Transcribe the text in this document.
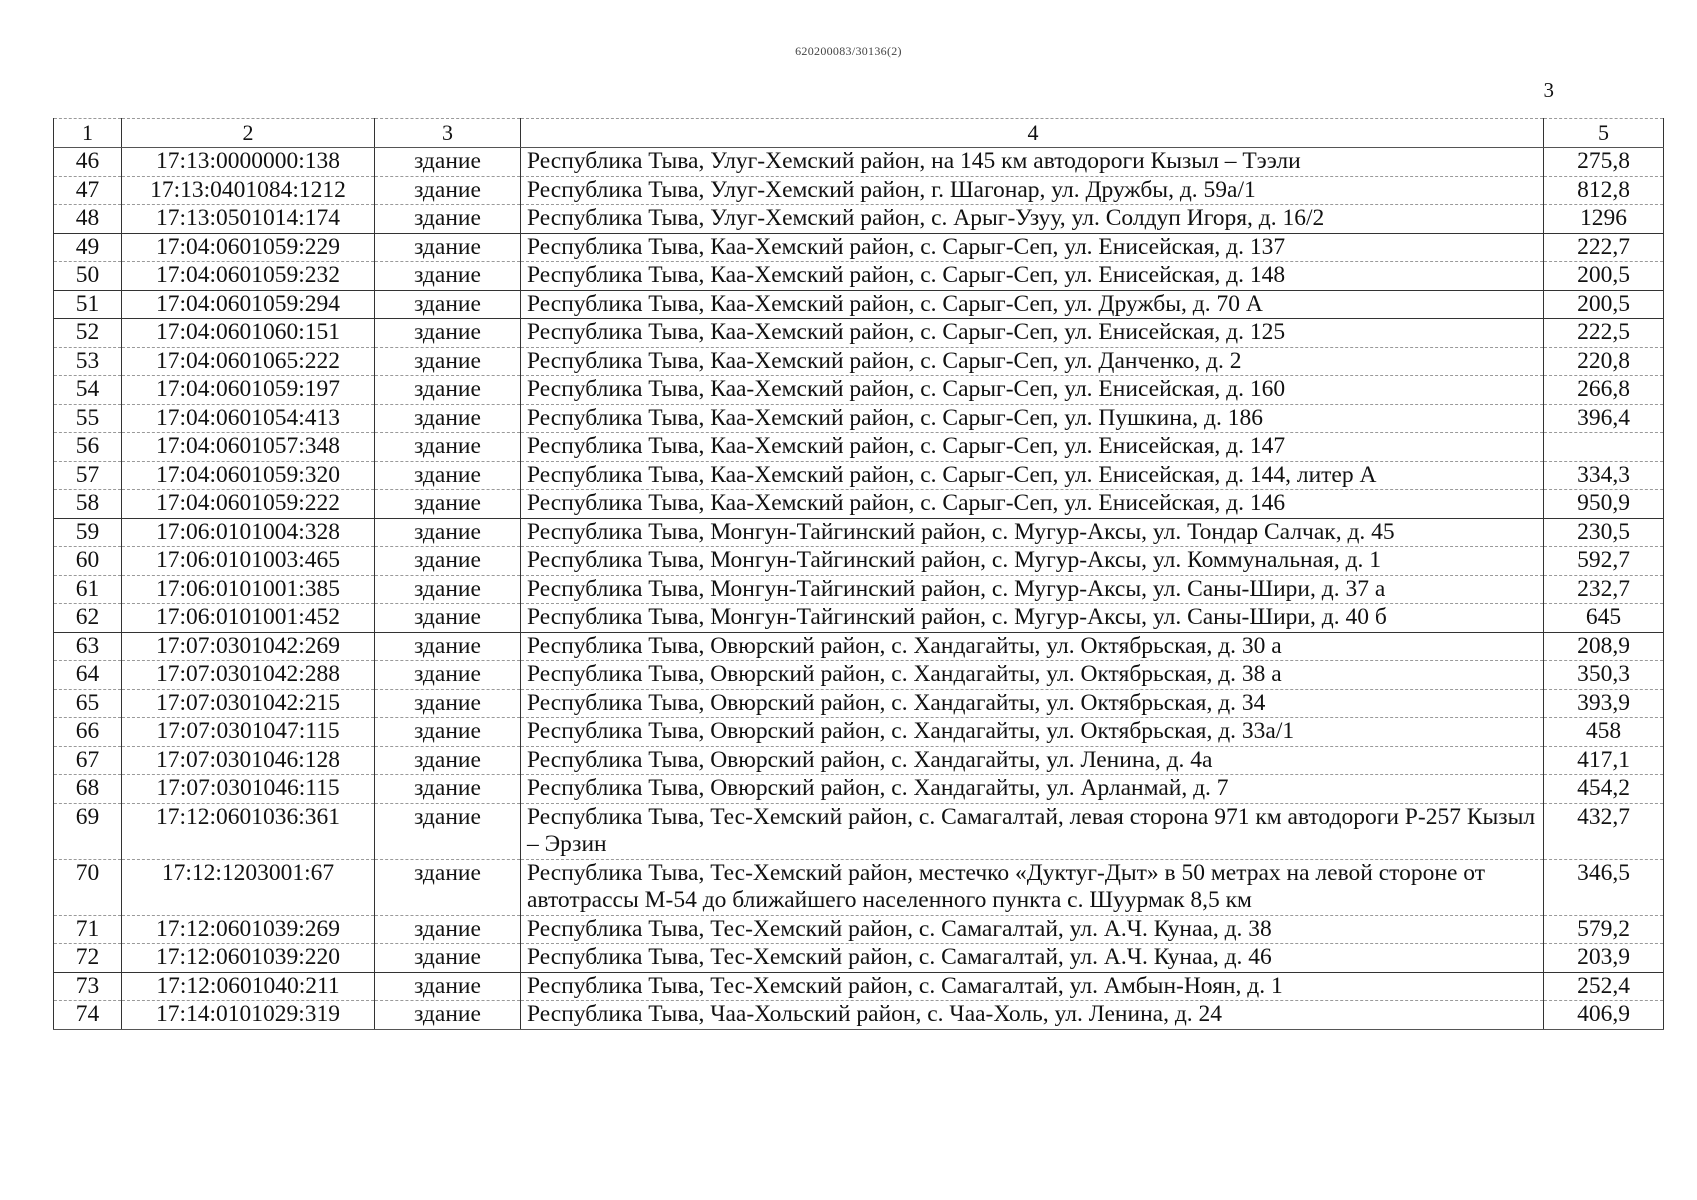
620200083/30136(2)
3
1	2	3	4	5
46	17:13:0000000:138	здание	Республика Тыва, Улуг-Хемский район, на 145 км автодороги Кызыл – Тээли	275,8
47	17:13:0401084:1212	здание	Республика Тыва, Улуг-Хемский район, г. Шагонар, ул. Дружбы, д. 59а/1	812,8
48	17:13:0501014:174	здание	Республика Тыва, Улуг-Хемский район, с. Арыг-Узуу, ул. Солдуп Игоря, д. 16/2	1296
49	17:04:0601059:229	здание	Республика Тыва, Каа-Хемский район, с. Сарыг-Сеп, ул. Енисейская, д. 137	222,7
50	17:04:0601059:232	здание	Республика Тыва, Каа-Хемский район, с. Сарыг-Сеп, ул. Енисейская, д. 148	200,5
51	17:04:0601059:294	здание	Республика Тыва, Каа-Хемский район, с. Сарыг-Сеп, ул. Дружбы, д. 70 А	200,5
52	17:04:0601060:151	здание	Республика Тыва, Каа-Хемский район, с. Сарыг-Сеп, ул. Енисейская, д. 125	222,5
53	17:04:0601065:222	здание	Республика Тыва, Каа-Хемский район, с. Сарыг-Сеп, ул. Данченко, д. 2	220,8
54	17:04:0601059:197	здание	Республика Тыва, Каа-Хемский район, с. Сарыг-Сеп, ул. Енисейская, д. 160	266,8
55	17:04:0601054:413	здание	Республика Тыва, Каа-Хемский район, с. Сарыг-Сеп, ул. Пушкина, д. 186	396,4
56	17:04:0601057:348	здание	Республика Тыва, Каа-Хемский район, с. Сарыг-Сеп, ул. Енисейская, д. 147	
57	17:04:0601059:320	здание	Республика Тыва, Каа-Хемский район, с. Сарыг-Сеп, ул. Енисейская, д. 144, литер А	334,3
58	17:04:0601059:222	здание	Республика Тыва, Каа-Хемский район, с. Сарыг-Сеп, ул. Енисейская, д. 146	950,9
59	17:06:0101004:328	здание	Республика Тыва, Монгун-Тайгинский район, с. Мугур-Аксы, ул. Тондар Салчак, д. 45	230,5
60	17:06:0101003:465	здание	Республика Тыва, Монгун-Тайгинский район, с. Мугур-Аксы, ул. Коммунальная, д. 1	592,7
61	17:06:0101001:385	здание	Республика Тыва, Монгун-Тайгинский район, с. Мугур-Аксы, ул. Саны-Шири, д. 37 а	232,7
62	17:06:0101001:452	здание	Республика Тыва, Монгун-Тайгинский район, с. Мугур-Аксы, ул. Саны-Шири, д. 40 б	645
63	17:07:0301042:269	здание	Республика Тыва, Овюрский район, с. Хандагайты, ул. Октябрьская, д. 30 а	208,9
64	17:07:0301042:288	здание	Республика Тыва, Овюрский район, с. Хандагайты, ул. Октябрьская, д. 38 а	350,3
65	17:07:0301042:215	здание	Республика Тыва, Овюрский район, с. Хандагайты, ул. Октябрьская, д. 34	393,9
66	17:07:0301047:115	здание	Республика Тыва, Овюрский район, с. Хандагайты, ул. Октябрьская, д. 33а/1	458
67	17:07:0301046:128	здание	Республика Тыва, Овюрский район, с. Хандагайты, ул. Ленина, д. 4а	417,1
68	17:07:0301046:115	здание	Республика Тыва, Овюрский район, с. Хандагайты, ул. Арланмай, д. 7	454,2
69	17:12:0601036:361	здание	Республика Тыва, Тес-Хемский район, с. Самагалтай, левая сторона 971 км автодороги Р-257 Кызыл – Эрзин	432,7
70	17:12:1203001:67	здание	Республика Тыва, Тес-Хемский район, местечко «Дуктуг-Дыт» в 50 метрах на левой стороне от автотрассы М-54 до ближайшего населенного пункта с. Шуурмак 8,5 км	346,5
71	17:12:0601039:269	здание	Республика Тыва, Тес-Хемский район, с. Самагалтай, ул. А.Ч. Кунаа, д. 38	579,2
72	17:12:0601039:220	здание	Республика Тыва, Тес-Хемский район, с. Самагалтай, ул. А.Ч. Кунаа, д. 46	203,9
73	17:12:0601040:211	здание	Республика Тыва, Тес-Хемский район, с. Самагалтай, ул. Амбын-Ноян, д. 1	252,4
74	17:14:0101029:319	здание	Республика Тыва, Чаа-Хольский район, с. Чаа-Холь, ул. Ленина, д. 24	406,9
